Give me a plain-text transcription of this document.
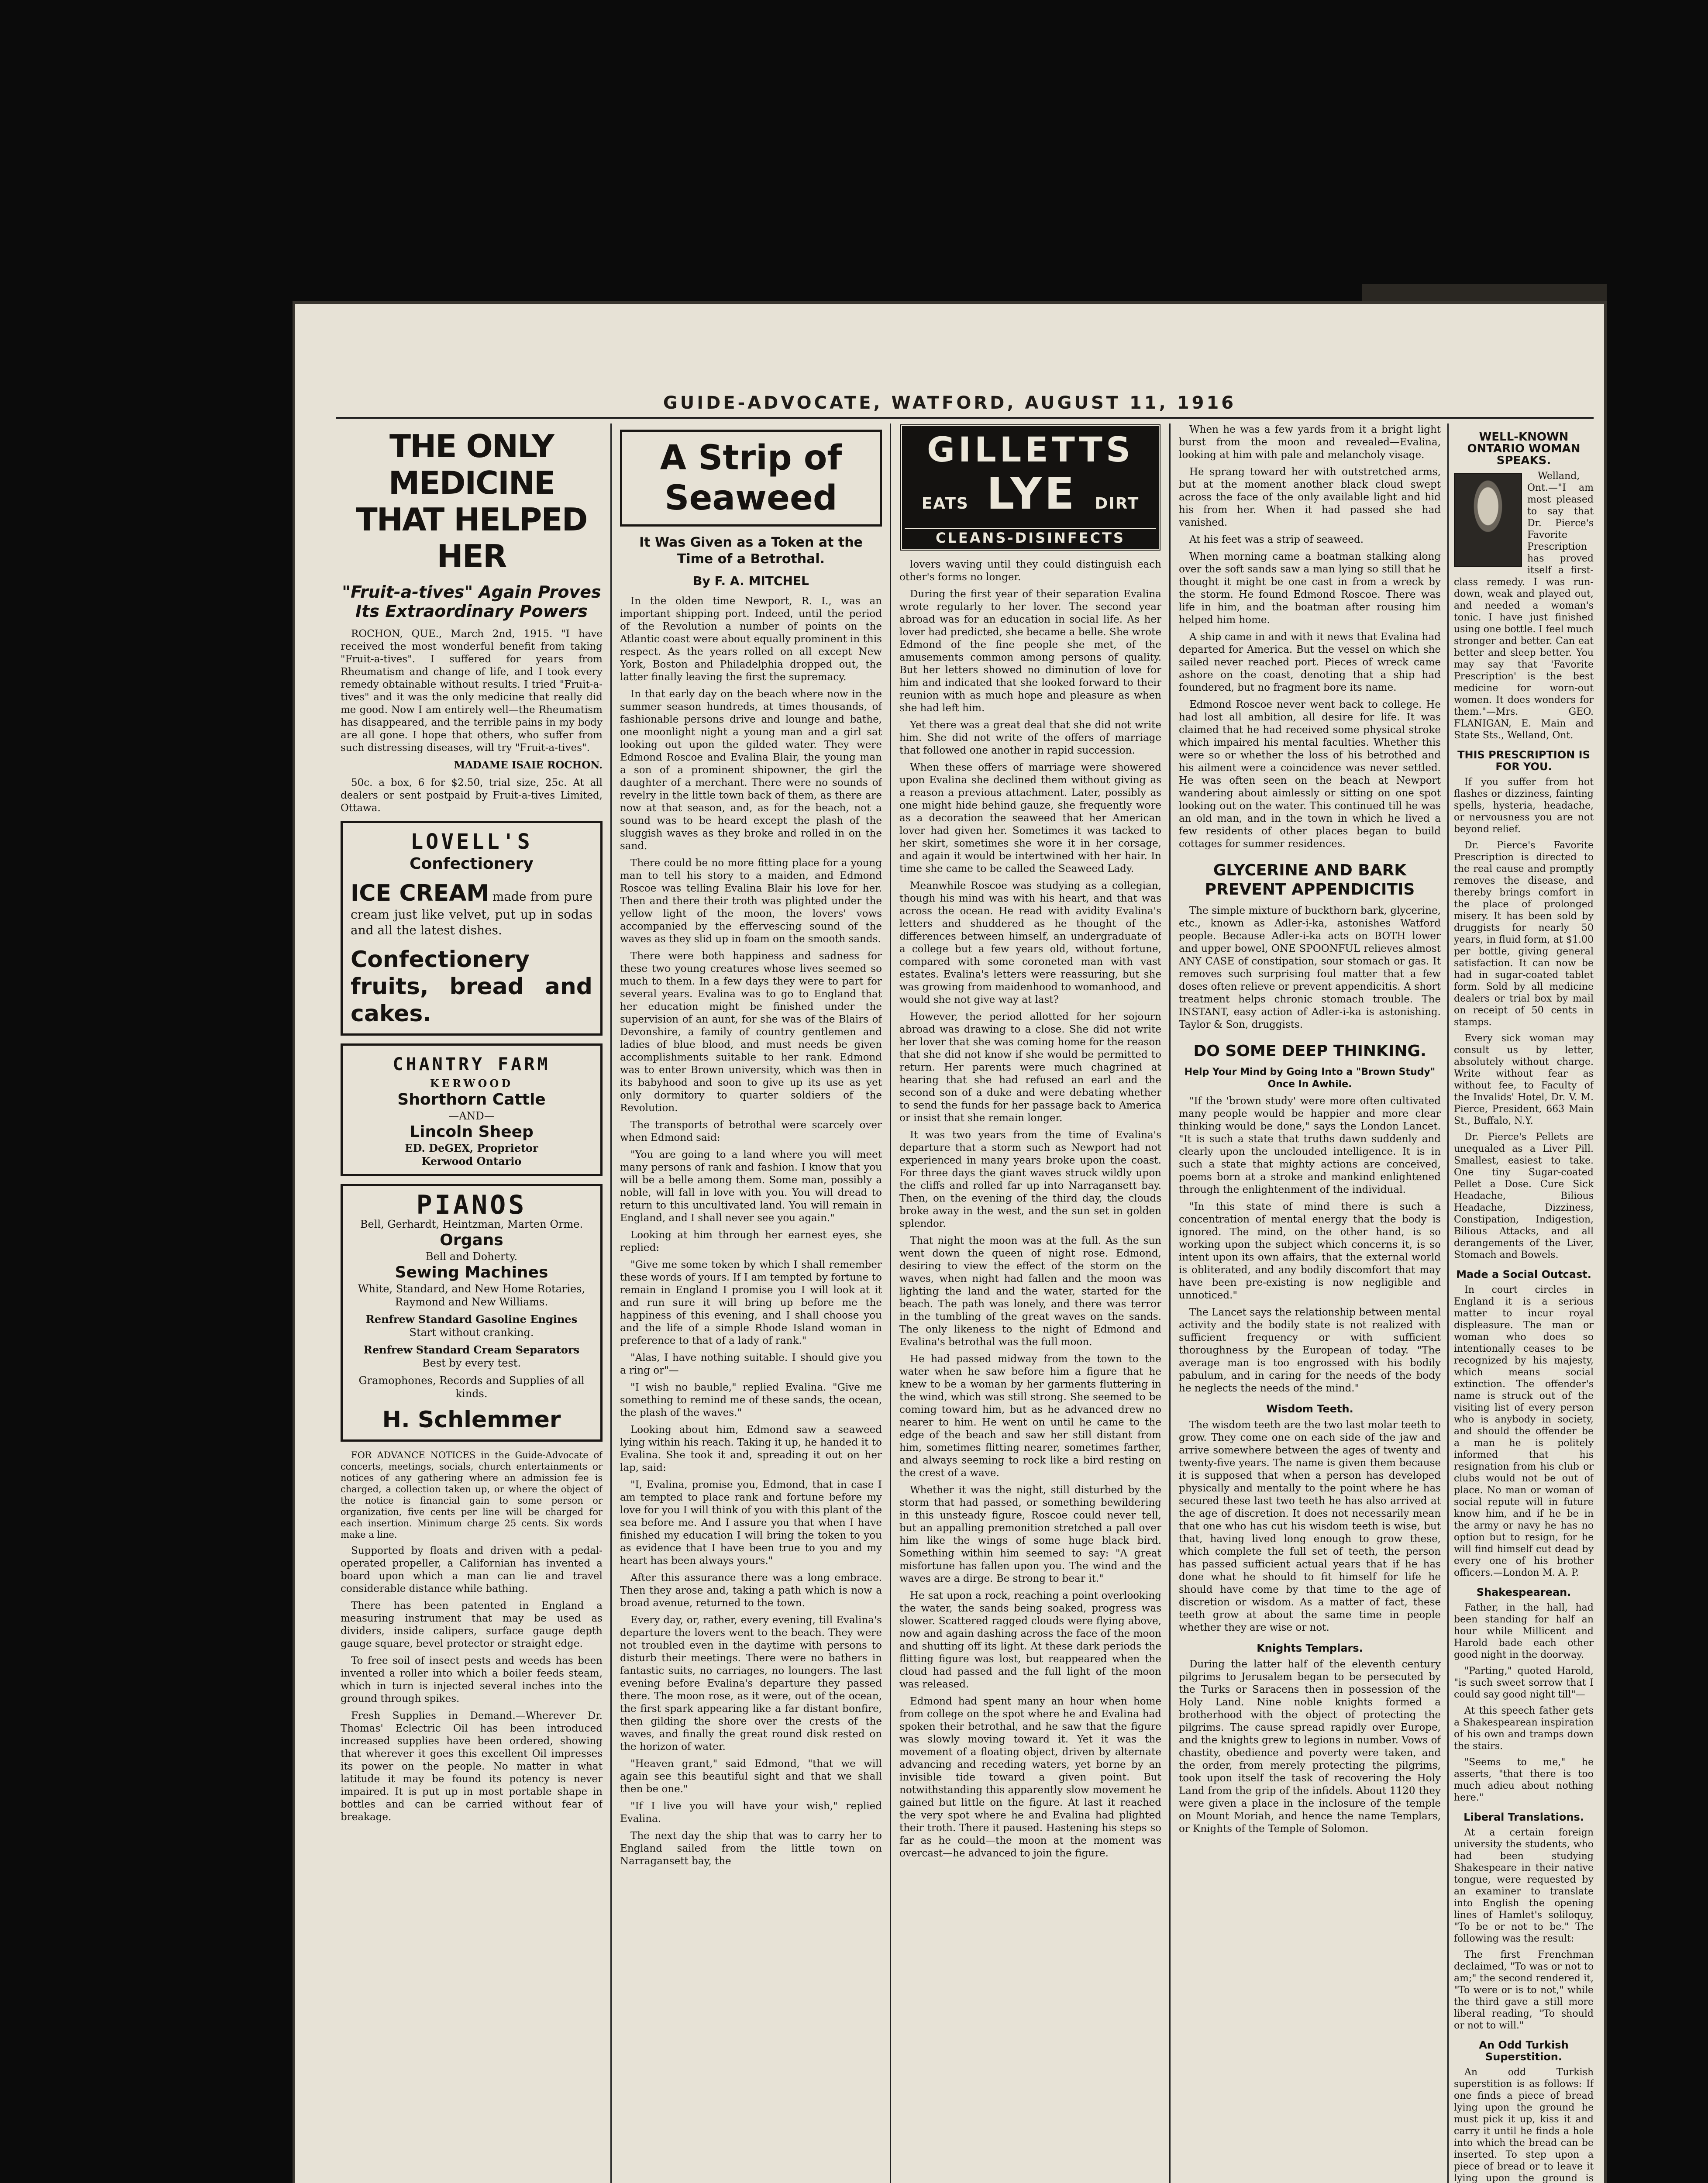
GUIDE-ADVOCATE, WATFORD, AUGUST 11, 1916
THE ONLY MEDICINE THAT HELPED HER
"Fruit-a-tives" Again Proves Its Extraordinary Powers

ROCHON, QUE., March 2nd, 1915. "I have received the most wonderful benefit from taking "Fruit-a-tives". I suffered for years from Rheumatism and change of life, and I took every remedy obtainable without results. I tried "Fruit-a-tives" and it was the only medicine that really did me good. Now I am entirely well—the Rheumatism has disappeared, and the terrible pains in my body are all gone. I hope that others, who suffer from such distressing diseases, will try "Fruit-a-tives".

MADAME ISAIE ROCHON.

50c. a box, 6 for $2.50, trial size, 25c. At all dealers or sent postpaid by Fruit-a-tives Limited, Ottawa.

LOVELL'S
Confectionery
ICE CREAM made from pure cream just like velvet, put up in sodas and all the latest dishes.
Confectionery fruits, bread and cakes.
CHANTRY FARM
KERWOOD
Shorthorn Cattle
—AND—
Lincoln Sheep
ED. DeGEX, Proprietor
Kerwood Ontario
PIANOS
Bell, Gerhardt, Heintzman, Marten Orme.
Organs
Bell and Doherty.
Sewing Machines
White, Standard, and New Home Rotaries, Raymond and New Williams.
Renfrew Standard Gasoline Engines
Start without cranking.
Renfrew Standard Cream Separators
Best by every test.
Gramophones, Records and Supplies of all kinds.
H. Schlemmer

FOR ADVANCE NOTICES in the Guide-Advocate of concerts, meetings, socials, church entertainments or notices of any gathering where an admission fee is charged, a collection taken up, or where the object of the notice is financial gain to some person or organization, five cents per line will be charged for each insertion. Minimum charge 25 cents. Six words make a line.

Supported by floats and driven with a pedal-operated propeller, a Californian has invented a board upon which a man can lie and travel considerable distance while bathing.

There has been patented in England a measuring instrument that may be used as dividers, inside calipers, surface gauge depth gauge square, bevel protector or straight edge.

To free soil of insect pests and weeds has been invented a roller into which a boiler feeds steam, which in turn is injected several inches into the ground through spikes.

Fresh Supplies in Demand.—Wherever Dr. Thomas' Eclectric Oil has been introduced increased supplies have been ordered, showing that wherever it goes this excellent Oil impresses its power on the people. No matter in what latitude it may be found its potency is never impaired. It is put up in most portable shape in bottles and can be carried without fear of breakage.

A Strip of Seaweed
It Was Given as a Token at the Time of a Betrothal.
By F. A. MITCHEL

In the olden time Newport, R. I., was an important shipping port. Indeed, until the period of the Revolution a number of points on the Atlantic coast were about equally prominent in this respect. As the years rolled on all except New York, Boston and Philadelphia dropped out, the latter finally leaving the first the supremacy.

In that early day on the beach where now in the summer season hundreds, at times thousands, of fashionable persons drive and lounge and bathe, one moonlight night a young man and a girl sat looking out upon the gilded water. They were Edmond Roscoe and Evalina Blair, the young man a son of a prominent shipowner, the girl the daughter of a merchant. There were no sounds of revelry in the little town back of them, as there are now at that season, and, as for the beach, not a sound was to be heard except the plash of the sluggish waves as they broke and rolled in on the sand.

There could be no more fitting place for a young man to tell his story to a maiden, and Edmond Roscoe was telling Evalina Blair his love for her. Then and there their troth was plighted under the yellow light of the moon, the lovers' vows accompanied by the effervescing sound of the waves as they slid up in foam on the smooth sands.

There were both happiness and sadness for these two young creatures whose lives seemed so much to them. In a few days they were to part for several years. Evalina was to go to England that her education might be finished under the supervision of an aunt, for she was of the Blairs of Devonshire, a family of country gentlemen and ladies of blue blood, and must needs be given accomplishments suitable to her rank. Edmond was to enter Brown university, which was then in its babyhood and soon to give up its use as yet only dormitory to quarter soldiers of the Revolution.

The transports of betrothal were scarcely over when Edmond said:

"You are going to a land where you will meet many persons of rank and fashion. I know that you will be a belle among them. Some man, possibly a noble, will fall in love with you. You will dread to return to this uncultivated land. You will remain in England, and I shall never see you again."

Looking at him through her earnest eyes, she replied:

"Give me some token by which I shall remember these words of yours. If I am tempted by fortune to remain in England I promise you I will look at it and run sure it will bring up before me the happiness of this evening, and I shall choose you and the life of a simple Rhode Island woman in preference to that of a lady of rank."

"Alas, I have nothing suitable. I should give you a ring or"—

"I wish no bauble," replied Evalina. "Give me something to remind me of these sands, the ocean, the plash of the waves."

Looking about him, Edmond saw a seaweed lying within his reach. Taking it up, he handed it to Evalina. She took it and, spreading it out on her lap, said:

"I, Evalina, promise you, Edmond, that in case I am tempted to place rank and fortune before my love for you I will think of you with this plant of the sea before me. And I assure you that when I have finished my education I will bring the token to you as evidence that I have been true to you and my heart has been always yours."

After this assurance there was a long embrace. Then they arose and, taking a path which is now a broad avenue, returned to the town.

Every day, or, rather, every evening, till Evalina's departure the lovers went to the beach. They were not troubled even in the daytime with persons to disturb their meetings. There were no bathers in fantastic suits, no carriages, no loungers. The last evening before Evalina's departure they passed there. The moon rose, as it were, out of the ocean, the first spark appearing like a far distant bonfire, then gilding the shore over the crests of the waves, and finally the great round disk rested on the horizon of water.

"Heaven grant," said Edmond, "that we will again see this beautiful sight and that we shall then be one."

"If I live you will have your wish," replied Evalina.

The next day the ship that was to carry her to England sailed from the little town on Narragansett bay, the

GILLETTS
EATS LYE DIRT
CLEANS-DISINFECTS

lovers waving until they could distinguish each other's forms no longer.

During the first year of their separation Evalina wrote regularly to her lover. The second year abroad was for an education in social life. As her lover had predicted, she became a belle. She wrote Edmond of the fine people she met, of the amusements common among persons of quality. But her letters showed no diminution of love for him and indicated that she looked forward to their reunion with as much hope and pleasure as when she had left him.

Yet there was a great deal that she did not write him. She did not write of the offers of marriage that followed one another in rapid succession.

When these offers of marriage were showered upon Evalina she declined them without giving as a reason a previous attachment. Later, possibly as one might hide behind gauze, she frequently wore as a decoration the seaweed that her American lover had given her. Sometimes it was tacked to her skirt, sometimes she wore it in her corsage, and again it would be intertwined with her hair. In time she came to be called the Seaweed Lady.

Meanwhile Roscoe was studying as a collegian, though his mind was with his heart, and that was across the ocean. He read with avidity Evalina's letters and shuddered as he thought of the differences between himself, an undergraduate of a college but a few years old, without fortune, compared with some coroneted man with vast estates. Evalina's letters were reassuring, but she was growing from maidenhood to womanhood, and would she not give way at last?

However, the period allotted for her sojourn abroad was drawing to a close. She did not write her lover that she was coming home for the reason that she did not know if she would be permitted to return. Her parents were much chagrined at hearing that she had refused an earl and the second son of a duke and were debating whether to send the funds for her passage back to America or insist that she remain longer.

It was two years from the time of Evalina's departure that a storm such as Newport had not experienced in many years broke upon the coast. For three days the giant waves struck wildly upon the cliffs and rolled far up into Narragansett bay. Then, on the evening of the third day, the clouds broke away in the west, and the sun set in golden splendor.

That night the moon was at the full. As the sun went down the queen of night rose. Edmond, desiring to view the effect of the storm on the waves, when night had fallen and the moon was lighting the land and the water, started for the beach. The path was lonely, and there was terror in the tumbling of the great waves on the sands. The only likeness to the night of Edmond and Evalina's betrothal was the full moon.

He had passed midway from the town to the water when he saw before him a figure that he knew to be a woman by her garments fluttering in the wind, which was still strong. She seemed to be coming toward him, but as he advanced drew no nearer to him. He went on until he came to the edge of the beach and saw her still distant from him, sometimes flitting nearer, sometimes farther, and always seeming to rock like a bird resting on the crest of a wave.

Whether it was the night, still disturbed by the storm that had passed, or something bewildering in this unsteady figure, Roscoe could never tell, but an appalling premonition stretched a pall over him like the wings of some huge black bird. Something within him seemed to say: "A great misfortune has fallen upon you. The wind and the waves are a dirge. Be strong to bear it."

He sat upon a rock, reaching a point overlooking the water, the sands being soaked, progress was slower. Scattered ragged clouds were flying above, now and again dashing across the face of the moon and shutting off its light. At these dark periods the flitting figure was lost, but reappeared when the cloud had passed and the full light of the moon was released.

Edmond had spent many an hour when home from college on the spot where he and Evalina had spoken their betrothal, and he saw that the figure was slowly moving toward it. Yet it was the movement of a floating object, driven by alternate advancing and receding waters, yet borne by an invisible tide toward a given point. But notwithstanding this apparently slow movement he gained but little on the figure. At last it reached the very spot where he and Evalina had plighted their troth. There it paused. Hastening his steps so far as he could—the moon at the moment was overcast—he advanced to join the figure.

When he was a few yards from it a bright light burst from the moon and revealed—Evalina, looking at him with pale and melancholy visage.

He sprang toward her with outstretched arms, but at the moment another black cloud swept across the face of the only available light and hid his from her. When it had passed she had vanished.

At his feet was a strip of seaweed.

When morning came a boatman stalking along over the soft sands saw a man lying so still that he thought it might be one cast in from a wreck by the storm. He found Edmond Roscoe. There was life in him, and the boatman after rousing him helped him home.

A ship came in and with it news that Evalina had departed for America. But the vessel on which she sailed never reached port. Pieces of wreck came ashore on the coast, denoting that a ship had foundered, but no fragment bore its name.

Edmond Roscoe never went back to college. He had lost all ambition, all desire for life. It was claimed that he had received some physical stroke which impaired his mental faculties. Whether this were so or whether the loss of his betrothed and his ailment were a coincidence was never settled. He was often seen on the beach at Newport wandering about aimlessly or sitting on one spot looking out on the water. This continued till he was an old man, and in the town in which he lived a few residents of other places began to build cottages for summer residences.

GLYCERINE AND BARK PREVENT APPENDICITIS

The simple mixture of buckthorn bark, glycerine, etc., known as Adler-i-ka, astonishes Watford people. Because Adler-i-ka acts on BOTH lower and upper bowel, ONE SPOONFUL relieves almost ANY CASE of constipation, sour stomach or gas. It removes such surprising foul matter that a few doses often relieve or prevent appendicitis. A short treatment helps chronic stomach trouble. The INSTANT, easy action of Adler-i-ka is astonishing. Taylor & Son, druggists.

DO SOME DEEP THINKING.
Help Your Mind by Going Into a "Brown Study" Once In Awhile.

"If the 'brown study' were more often cultivated many people would be happier and more clear thinking would be done," says the London Lancet. "It is such a state that truths dawn suddenly and clearly upon the unclouded intelligence. It is in such a state that mighty actions are conceived, poems born at a stroke and mankind enlightened through the enlightenment of the individual.

"In this state of mind there is such a concentration of mental energy that the body is ignored. The mind, on the other hand, is so working upon the subject which concerns it, is so intent upon its own affairs, that the external world is obliterated, and any bodily discomfort that may have been pre-existing is now negligible and unnoticed."

The Lancet says the relationship between mental activity and the bodily state is not realized with sufficient frequency or with sufficient thoroughness by the European of today. "The average man is too engrossed with his bodily pabulum, and in caring for the needs of the body he neglects the needs of the mind."

Wisdom Teeth.

The wisdom teeth are the two last molar teeth to grow. They come one on each side of the jaw and arrive somewhere between the ages of twenty and twenty-five years. The name is given them because it is supposed that when a person has developed physically and mentally to the point where he has secured these last two teeth he has also arrived at the age of discretion. It does not necessarily mean that one who has cut his wisdom teeth is wise, but that, having lived long enough to grow these, which complete the full set of teeth, the person has passed sufficient actual years that if he has done what he should to fit himself for life he should have come by that time to the age of discretion or wisdom. As a matter of fact, these teeth grow at about the same time in people whether they are wise or not.

Knights Templars.

During the latter half of the eleventh century pilgrims to Jerusalem began to be persecuted by the Turks or Saracens then in possession of the Holy Land. Nine noble knights formed a brotherhood with the object of protecting the pilgrims. The cause spread rapidly over Europe, and the knights grew to legions in number. Vows of chastity, obedience and poverty were taken, and the order, from merely protecting the pilgrims, took upon itself the task of recovering the Holy Land from the grip of the infidels. About 1120 they were given a place in the inclosure of the temple on Mount Moriah, and hence the name Templars, or Knights of the Temple of Solomon.

WELL-KNOWN ONTARIO WOMAN SPEAKS.

Welland, Ont.—"I am most pleased to say that Dr. Pierce's Favorite Prescription has proved itself a first-class remedy. I was run-down, weak and played out, and needed a woman's tonic. I have just finished using one bottle. I feel much stronger and better. Can eat better and sleep better. You may say that 'Favorite Prescription' is the best medicine for worn-out women. It does wonders for them."—Mrs. GEO. FLANIGAN, E. Main and State Sts., Welland, Ont.

THIS PRESCRIPTION IS FOR YOU.

If you suffer from hot flashes or dizziness, fainting spells, hysteria, headache, or nervousness you are not beyond relief.

Dr. Pierce's Favorite Prescription is directed to the real cause and promptly removes the disease, and thereby brings comfort in the place of prolonged misery. It has been sold by druggists for nearly 50 years, in fluid form, at $1.00 per bottle, giving general satisfaction. It can now be had in sugar-coated tablet form. Sold by all medicine dealers or trial box by mail on receipt of 50 cents in stamps.

Every sick woman may consult us by letter, absolutely without charge. Write without fear as without fee, to Faculty of the Invalids' Hotel, Dr. V. M. Pierce, President, 663 Main St., Buffalo, N.Y.

Dr. Pierce's Pellets are unequaled as a Liver Pill. Smallest, easiest to take. One tiny Sugar-coated Pellet a Dose. Cure Sick Headache, Bilious Headache, Dizziness, Constipation, Indigestion, Bilious Attacks, and all derangements of the Liver, Stomach and Bowels.

Made a Social Outcast.

In court circles in England it is a serious matter to incur royal displeasure. The man or woman who does so intentionally ceases to be recognized by his majesty, which means social extinction. The offender's name is struck out of the visiting list of every person who is anybody in society, and should the offender be a man he is politely informed that his resignation from his club or clubs would not be out of place. No man or woman of social repute will in future know him, and if he be in the army or navy he has no option but to resign, for he will find himself cut dead by every one of his brother officers.—London M. A. P.

Shakespearean.

Father, in the hall, had been standing for half an hour while Millicent and Harold bade each other good night in the doorway.

"Parting," quoted Harold, "is such sweet sorrow that I could say good night till"—

At this speech father gets a Shakespearean inspiration of his own and tramps down the stairs.

"Seems to me," he asserts, "that there is too much adieu about nothing here."

Liberal Translations.

At a certain foreign university the students, who had been studying Shakespeare in their native tongue, were requested by an examiner to translate into English the opening lines of Hamlet's soliloquy, "To be or not to be." The following was the result:

The first Frenchman declaimed, "To was or not to am;" the second rendered it, "To were or is to not," while the third gave a still more liberal reading, "To should or not to will."

An Odd Turkish Superstition.

An odd Turkish superstition is as follows: If one finds a piece of bread lying upon the ground he must pick it up, kiss it and carry it until he finds a hole into which the bread can be inserted. To step upon a piece of bread or to leave it lying upon the ground is
